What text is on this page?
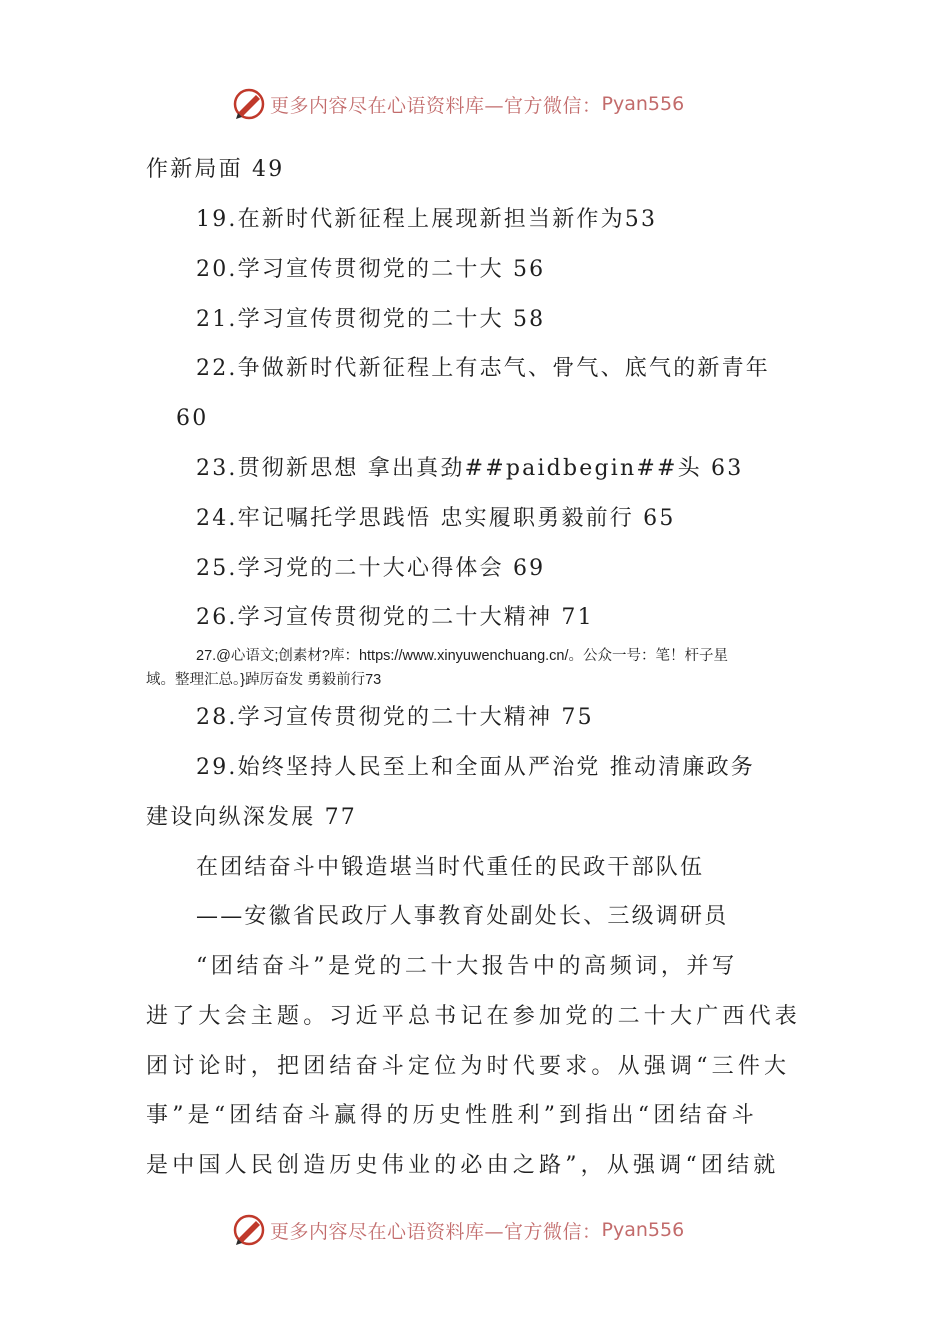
更多内容尽在心语资料库—官方微信： Pyan556
作新局面 49
19.在新时代新征程上展现新担当新作为53
20.学习宣传贯彻党的二十大 56
21.学习宣传贯彻党的二十大 58
22.争做新时代新征程上有志气、骨气、底气的新青年
60
23.贯彻新思想 拿出真劲##paidbegin##头 63
24.牢记嘱托学思践悟 忠实履职勇毅前行 65
25.学习党的二十大心得体会 69
26.学习宣传贯彻党的二十大精神 71
27.@心语文;创素材?库：https://www.xinyuwenchuang.cn/。公众一号：笔！杆子星
域。整理汇总。}踔厉奋发 勇毅前行73
28.学习宣传贯彻党的二十大精神 75
29.始终坚持人民至上和全面从严治党 推动清廉政务
建设向纵深发展 77
在团结奋斗中锻造堪当时代重任的民政干部队伍
——安徽省民政厅人事教育处副处长、三级调研员
“团结奋斗”是党的二十大报告中的高频词，并写
进了大会主题。习近平总书记在参加党的二十大广西代表
团讨论时，把团结奋斗定位为时代要求。从强调“三件大
事”是“团结奋斗赢得的历史性胜利”到指出“团结奋斗
是中国人民创造历史伟业的必由之路”，从强调“团结就
更多内容尽在心语资料库—官方微信： Pyan556
